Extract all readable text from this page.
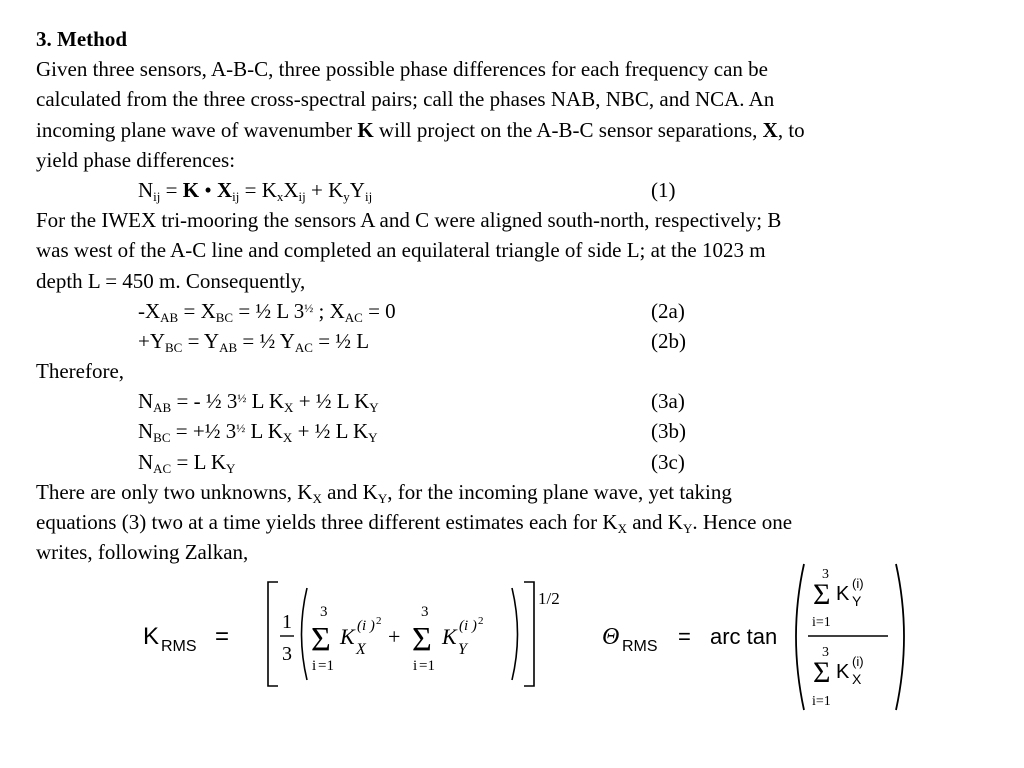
3. Method
Given three sensors, A-B-C, three possible phase differences for each frequency can be
calculated from the three cross-spectral pairs; call the phases NAB, NBC, and NCA. An
incoming plane wave of wavenumber K will project on the A-B-C sensor separations, X, to
yield phase differences:
$N_{ij} = K$ • $X_{ij} = K_xX_{ij} + K_yY_{ij}$	(1)
For the IWEX tri-mooring the sensors A and C were aligned south-north, respectively; B
was west of the A-C line and completed an equilateral triangle of side L; at the 1023 m
depth L = 450 m. Consequently,
$-X_{AB} = X_{BC}$ = ½ L $3^{\frac{1}{2}}$ ; $X_{AC} = 0$	(2a)
$+Y_{BC} = Y_{AB}$ = ½ $Y_{AC}$ = ½ L	(2b)
Therefore,
$N_{AB}$ = - ½ $3^{\frac{1}{2}}$ L $K_X$ + ½ L $K_Y$	(3a)
$N_{BC}$ = +½ $3^{\frac{1}{2}}$ L $K_X$ + ½ L $K_Y$	(3b)
$N_{AC} = L$ $K_Y$	(3c)
There are only two unknowns, $K_X$ and $K_Y$, for the incoming plane wave, yet taking
equations (3) two at a time yields three different estimates each for $K_X$ and $K_Y$. Hence one
writes, following Zalkan,
K RMS =
1
3
3
Σ
i =1
K
X
(i ) 2
+
3
Σ
i =1
K
Y
(i ) 2
1/2
Θ RMS = arc tan
3
Σ
i=1
K (i)
Y
3
Σ
i=1
K (i)
X
